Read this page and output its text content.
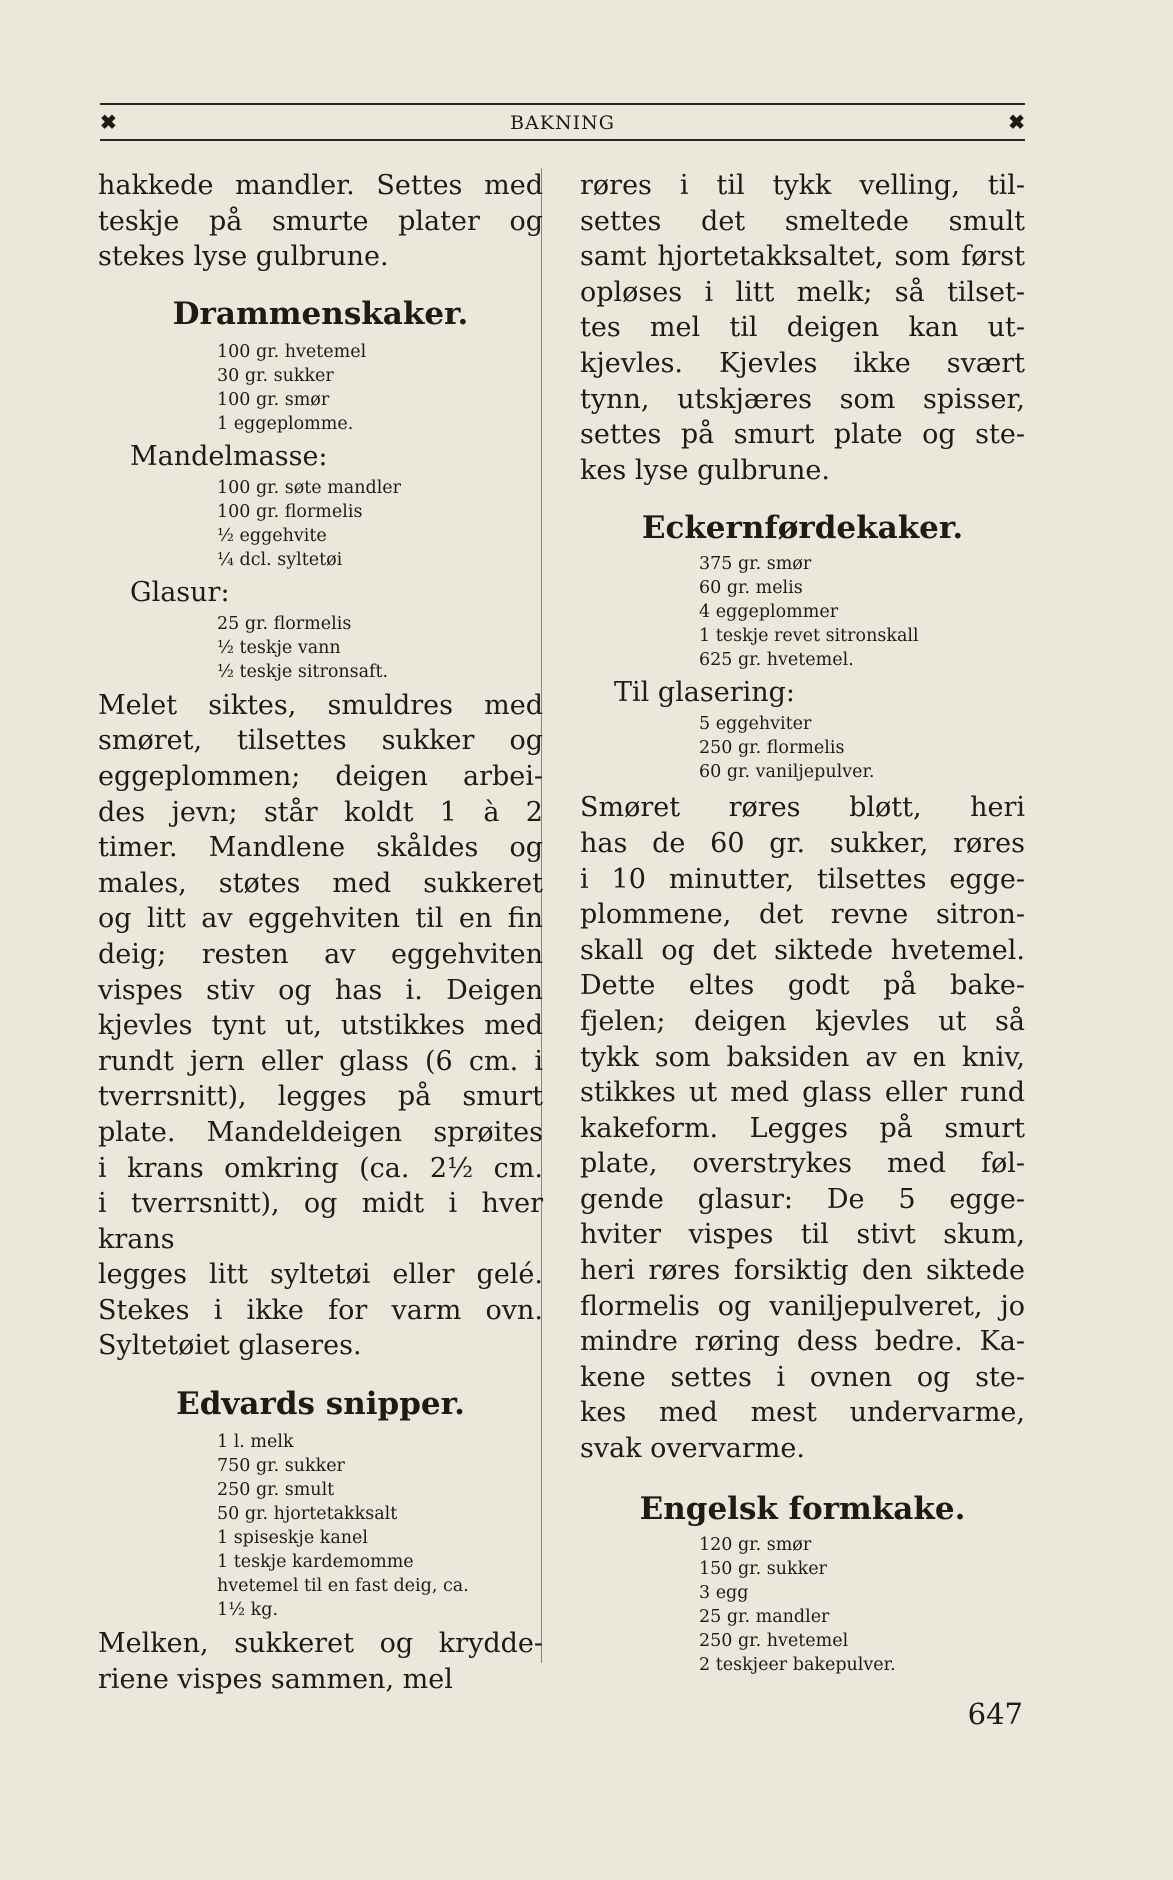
✖	BAKNING	✖
hakkede mandler. Settes med
teskje på smurte plater og
stekes lyse gulbrune.
Drammenskaker.
100 gr. hvetemel
30 gr. sukker
100 gr. smør
1 eggeplomme.
Mandelmasse:
100 gr. søte mandler
100 gr. flormelis
½ eggehvite
¼ dcl. syltetøi
Glasur:
25 gr. flormelis
½ teskje vann
½ teskje sitronsaft.
Melet siktes, smuldres med
smøret, tilsettes sukker og
eggeplommen; deigen arbei-
des jevn; står koldt 1 à 2
timer. Mandlene skåldes og
males, støtes med sukkeret
og litt av eggehviten til en fin
deig; resten av eggehviten
vispes stiv og has i. Deigen
kjevles tynt ut, utstikkes med
rundt jern eller glass (6 cm. i
tverrsnitt), legges på smurt
plate. Mandeldeigen sprøites
i krans omkring (ca. 2½ cm.
i tverrsnitt), og midt i hver krans
legges litt syltetøi eller gelé.
Stekes i ikke for varm ovn.
Syltetøiet glaseres.
Edvards snipper.
1 l. melk
750 gr. sukker
250 gr. smult
50 gr. hjortetakksalt
1 spiseskje kanel
1 teskje kardemomme
hvetemel til en fast deig, ca.
1½ kg.
Melken, sukkeret og krydde-
riene vispes sammen, mel
røres i til tykk velling, til-
settes det smeltede smult
samt hjortetakksaltet, som først
opløses i litt melk; så tilset-
tes mel til deigen kan ut-
kjevles. Kjevles ikke svært
tynn, utskjæres som spisser,
settes på smurt plate og ste-
kes lyse gulbrune.
Eckernførdekaker.
375 gr. smør
60 gr. melis
4 eggeplommer
1 teskje revet sitronskall
625 gr. hvetemel.
Til glasering:
5 eggehviter
250 gr. flormelis
60 gr. vaniljepulver.
Smøret røres bløtt, heri
has de 60 gr. sukker, røres
i 10 minutter, tilsettes egge-
plommene, det revne sitron-
skall og det siktede hvetemel.
Dette eltes godt på bake-
fjelen; deigen kjevles ut så
tykk som baksiden av en kniv,
stikkes ut med glass eller rund
kakeform. Legges på smurt
plate, overstrykes med føl-
gende glasur: De 5 egge-
hviter vispes til stivt skum,
heri røres forsiktig den siktede
flormelis og vaniljepulveret, jo
mindre røring dess bedre. Ka-
kene settes i ovnen og ste-
kes med mest undervarme,
svak overvarme.
Engelsk formkake.
120 gr. smør
150 gr. sukker
3 egg
25 gr. mandler
250 gr. hvetemel
2 teskjeer bakepulver.
647
